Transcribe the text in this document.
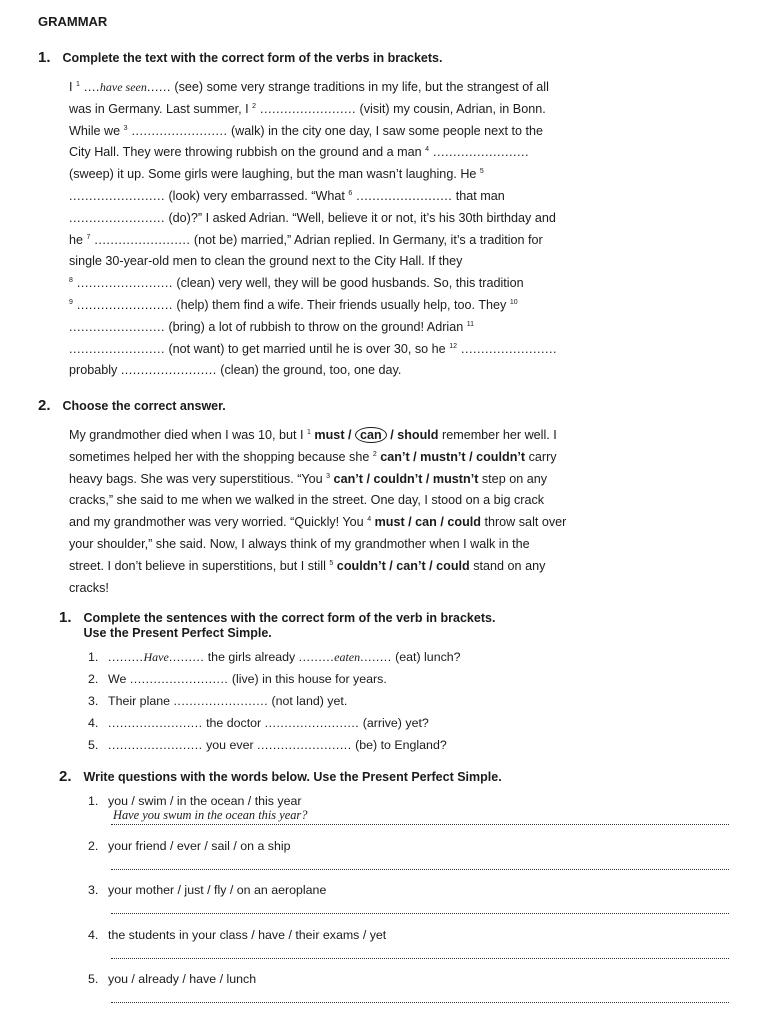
GRAMMAR
1. Complete the text with the correct form of the verbs in brackets.
I $^1$ ....have seen...... (see) some very strange traditions in my life, but the strangest of all
was in Germany. Last summer, I $^2$ ........................ (visit) my cousin, Adrian, in Bonn.
While we $^3$ ........................ (walk) in the city one day, I saw some people next to the
City Hall. They were throwing rubbish on the ground and a man $^4$ ........................
(sweep) it up. Some girls were laughing, but the man wasn’t laughing. He $^5$
........................ (look) very embarrassed. “What $^6$ ........................ that man
........................ (do)?” I asked Adrian. “Well, believe it or not, it’s his 30th birthday and
he $^7$ ........................ (not be) married,” Adrian replied. In Germany, it’s a tradition for
single 30-year-old men to clean the ground next to the City Hall. If they
$^8$ ........................ (clean) very well, they will be good husbands. So, this tradition
$^9$ ........................ (help) them find a wife. Their friends usually help, too. They $^{10}$
........................ (bring) a lot of rubbish to throw on the ground! Adrian $^{11}$
........................ (not want) to get married until he is over 30, so he $^{12}$ ........................
probably ........................ (clean) the ground, too, one day.
2. Choose the correct answer.
My grandmother died when I was 10, but I $^1$ must / can / should remember her well. I
sometimes helped her with the shopping because she $^2$ can’t / mustn’t / couldn’t carry
heavy bags. She was very superstitious. “You $^3$ can’t / couldn’t / mustn’t step on any
cracks,” she said to me when we walked in the street. One day, I stood on a big crack
and my grandmother was very worried. “Quickly! You $^4$ must / can / could throw salt over
your shoulder,” she said. Now, I always think of my grandmother when I walk in the
street. I don’t believe in superstitions, but I still $^5$ couldn’t / can’t / could stand on any
cracks!
1. Complete the sentences with the correct form of the verb in brackets.
Use the Present Perfect Simple.
1. .........Have......... the girls already .........eaten........ (eat) lunch?
2. We ......................... (live) in this house for years.
3. Their plane ........................ (not land) yet.
4. ........................ the doctor ........................ (arrive) yet?
5. ........................ you ever ........................ (be) to England?
2. Write questions with the words below. Use the Present Perfect Simple.
1. you / swim / in the ocean / this year
Have you swum in the ocean this year?
2. your friend / ever / sail / on a ship
3. your mother / just / fly / on an aeroplane
4. the students in your class / have / their exams / yet
5. you / already / have / lunch
